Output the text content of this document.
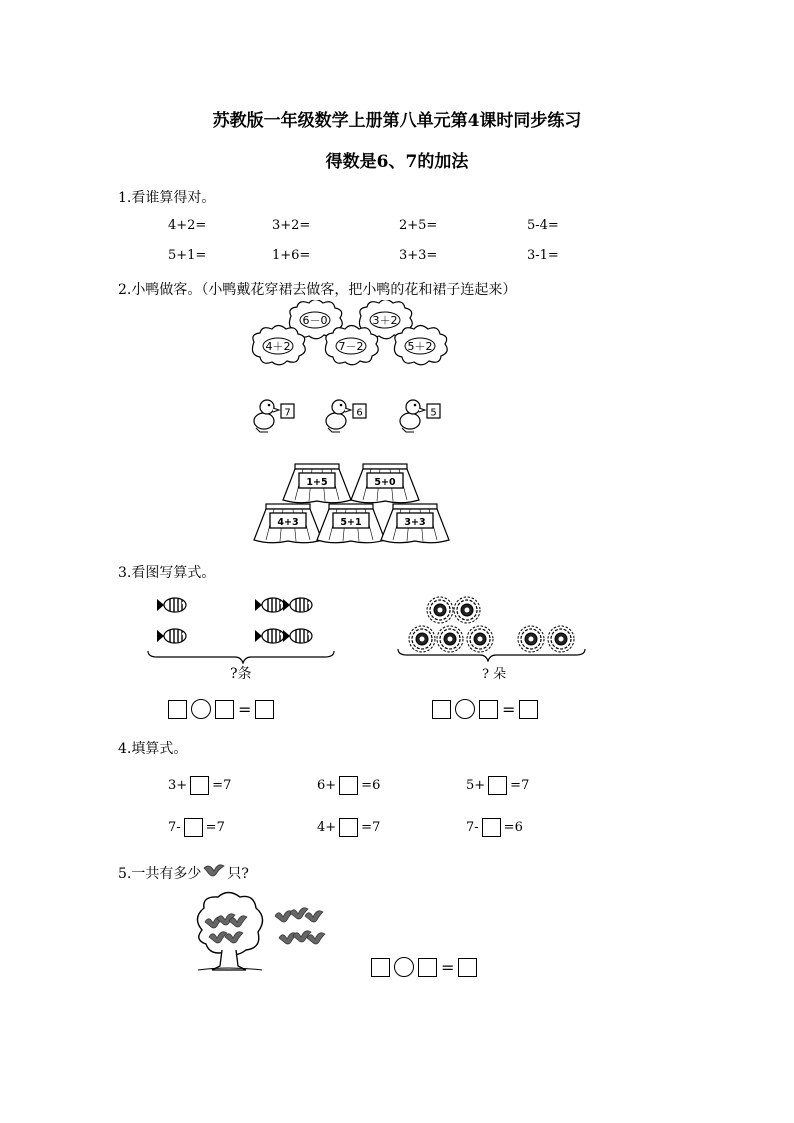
苏教版一年级数学上册第八单元第4课时同步练习
得数是6、7的加法
1.看谁算得对。
4+2=	3+2=	2+5=	5-4=
5+1=	1+6=	3+3=	3-1=
2.小鸭做客。（小鸭戴花穿裙去做客，把小鸭的花和裙子连起来）
6－0	3＋2
4＋2	7－2	5＋2
7	6	5
1+5	5+0
4+3	5+1	3+3
3.看图写算式。
?条	? 朵
=	=
4.填算式。
3+ =7	6+ =6	5+ =7
7- =7	4+ =7	7- =6
5.一共有多少 只?
=
